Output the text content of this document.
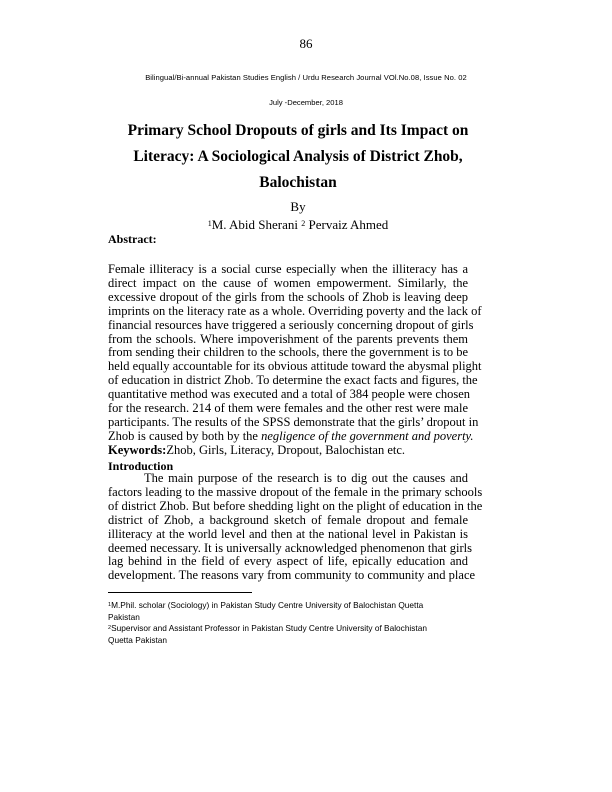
86
Bilingual/Bi-annual Pakistan Studies English / Urdu Research Journal VOl.No.08, Issue No. 02
July -December, 2018
Primary School Dropouts of girls and Its Impact on
Literacy: A Sociological Analysis of District Zhob,
Balochistan
By
$^1$M. Abid Sherani $^2$ Pervaiz Ahmed
Abstract:
Female illiteracy is a social curse especially when the illiteracy has a
direct impact on the cause of women empowerment. Similarly, the
excessive dropout of the girls from the schools of Zhob is leaving deep
imprints on the literacy rate as a whole. Overriding poverty and the lack of
financial resources have triggered a seriously concerning dropout of girls
from the schools. Where impoverishment of the parents prevents them
from sending their children to the schools, there the government is to be
held equally accountable for its obvious attitude toward the abysmal plight
of education in district Zhob. To determine the exact facts and figures, the
quantitative method was executed and a total of 384 people were chosen
for the research. 214 of them were females and the other rest were male
participants. The results of the SPSS demonstrate that the girls’ dropout in
Zhob is caused by both by the negligence of the government and poverty.
Keywords:Zhob, Girls, Literacy, Dropout, Balochistan etc.
Introduction
The main purpose of the research is to dig out the causes and
factors leading to the massive dropout of the female in the primary schools
of district Zhob. But before shedding light on the plight of education in the
district of Zhob, a background sketch of female dropout and female
illiteracy at the world level and then at the national level in Pakistan is
deemed necessary. It is universally acknowledged phenomenon that girls
lag behind in the field of every aspect of life, epically education and
development. The reasons vary from community to community and place
$^1$M.Phil. scholar (Sociology) in Pakistan Study Centre University of Balochistan Quetta
Pakistan
$^2$Supervisor and Assistant Professor in Pakistan Study Centre University of Balochistan
Quetta Pakistan
